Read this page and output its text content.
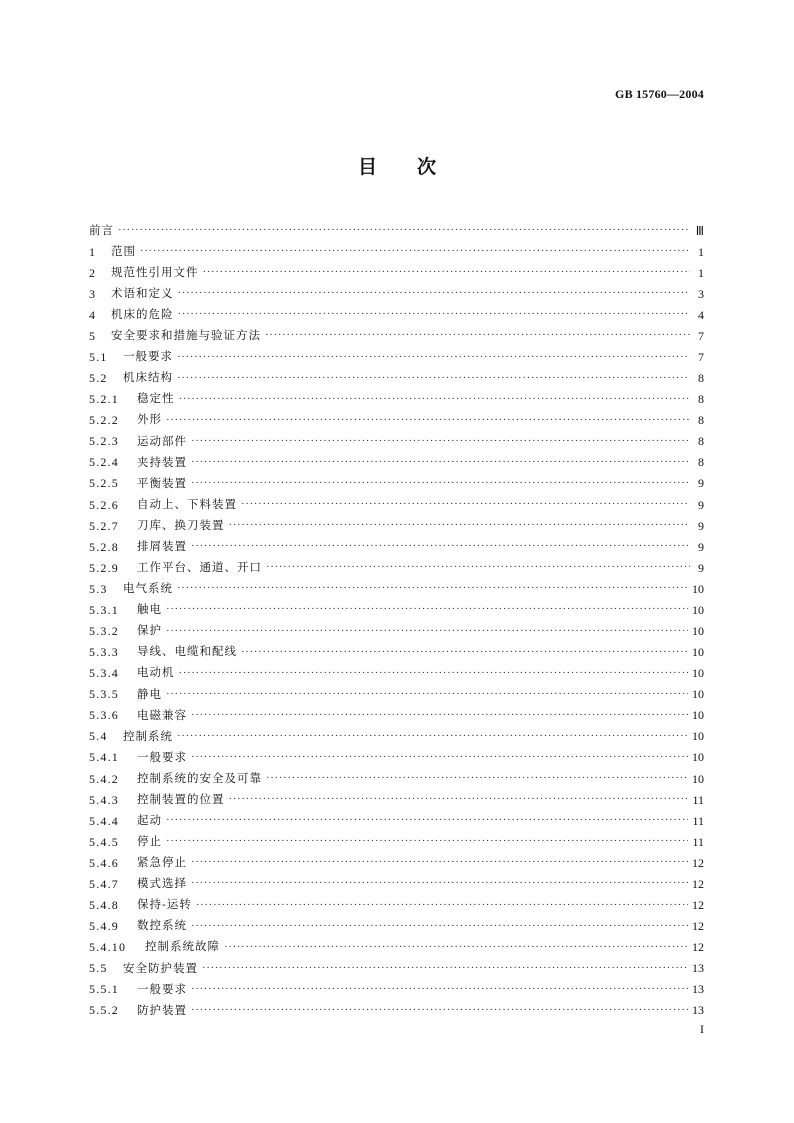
GB 15760—2004
目 次
前言 ·····	Ⅲ
1	范围 ·····	1
2	规范性引用文件 ·····	1
3	术语和定义 ·····	3
4	机床的危险 ·····	4
5	安全要求和措施与验证方法 ·····	7
5.1	一般要求 ·····	7
5.2	机床结构 ·····	8
5.2.1	稳定性 ·····	8
5.2.2	外形 ·····	8
5.2.3	运动部件 ·····	8
5.2.4	夹持装置 ·····	8
5.2.5	平衡装置 ·····	9
5.2.6	自动上、下料装置 ·····	9
5.2.7	刀库、换刀装置 ·····	9
5.2.8	排屑装置 ·····	9
5.2.9	工作平台、通道、开口 ·····	9
5.3	电气系统 ·····	10
5.3.1	触电 ·····	10
5.3.2	保护 ·····	10
5.3.3	导线、电缆和配线 ·····	10
5.3.4	电动机 ·····	10
5.3.5	静电 ·····	10
5.3.6	电磁兼容 ·····	10
5.4	控制系统 ·····	10
5.4.1	一般要求 ·····	10
5.4.2	控制系统的安全及可靠 ·····	10
5.4.3	控制装置的位置 ·····	11
5.4.4	起动 ·····	11
5.4.5	停止 ·····	11
5.4.6	紧急停止 ·····	12
5.4.7	模式选择 ·····	12
5.4.8	保持-运转 ·····	12
5.4.9	数控系统 ·····	12
5.4.10	控制系统故障 ·····	12
5.5	安全防护装置 ·····	13
5.5.1	一般要求 ·····	13
5.5.2	防护装置 ·····	13
I
